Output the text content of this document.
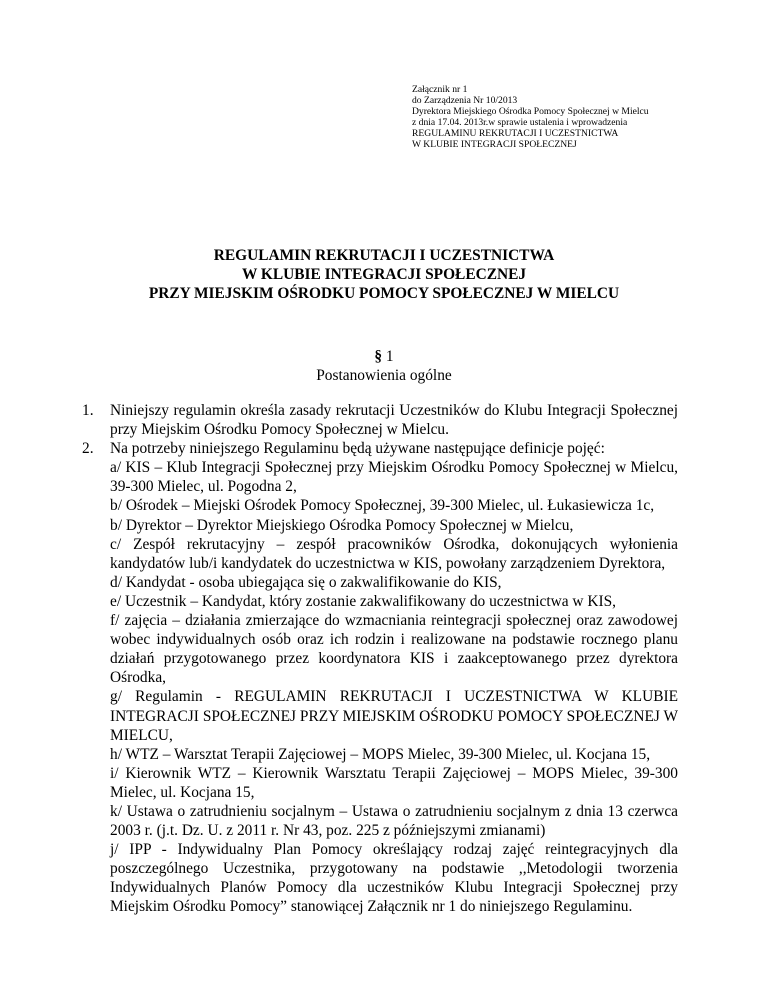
Załącznik nr 1
do Zarządzenia Nr 10/2013
Dyrektora Miejskiego Ośrodka Pomocy Społecznej w Mielcu
z dnia 17.04. 2013r.w sprawie ustalenia i wprowadzenia
REGULAMINU REKRUTACJI I UCZESTNICTWA
W KLUBIE INTEGRACJI SPOŁECZNEJ
REGULAMIN REKRUTACJI I UCZESTNICTWA
W KLUBIE INTEGRACJI SPOŁECZNEJ
PRZY MIEJSKIM OŚRODKU POMOCY SPOŁECZNEJ W MIELCU
§ 1
Postanowienia ogólne
1. Niniejszy regulamin określa zasady rekrutacji Uczestników do Klubu Integracji Społecznej przy Miejskim Ośrodku Pomocy Społecznej w Mielcu.
2. Na potrzeby niniejszego Regulaminu będą używane następujące definicje pojęć:
a/ KIS – Klub Integracji Społecznej przy Miejskim Ośrodku Pomocy Społecznej w Mielcu, 39-300 Mielec, ul. Pogodna 2,
b/ Ośrodek – Miejski Ośrodek Pomocy Społecznej, 39-300 Mielec, ul. Łukasiewicza 1c,
b/ Dyrektor – Dyrektor Miejskiego Ośrodka Pomocy Społecznej w Mielcu,
c/ Zespół rekrutacyjny – zespół pracowników Ośrodka, dokonujących wyłonienia kandydatów lub/i kandydatek do uczestnictwa w KIS, powołany zarządzeniem Dyrektora,
d/ Kandydat - osoba ubiegająca się o zakwalifikowanie do KIS,
e/ Uczestnik – Kandydat, który zostanie zakwalifikowany do uczestnictwa w KIS,
f/ zajęcia – działania zmierzające do wzmacniania reintegracji społecznej oraz zawodowej wobec indywidualnych osób oraz ich rodzin i realizowane na podstawie rocznego planu działań przygotowanego przez koordynatora KIS i zaakceptowanego przez dyrektora Ośrodka,
g/ Regulamin - REGULAMIN REKRUTACJI I UCZESTNICTWA W KLUBIE INTEGRACJI SPOŁECZNEJ PRZY MIEJSKIM OŚRODKU POMOCY SPOŁECZNEJ W MIELCU,
h/ WTZ – Warsztat Terapii Zajęciowej – MOPS Mielec, 39-300 Mielec, ul. Kocjana 15,
i/ Kierownik WTZ – Kierownik Warsztatu Terapii Zajęciowej – MOPS Mielec, 39-300 Mielec, ul. Kocjana 15,
k/ Ustawa o zatrudnieniu socjalnym – Ustawa o zatrudnieniu socjalnym z dnia 13 czerwca 2003 r. (j.t. Dz. U. z 2011 r. Nr 43, poz. 225 z późniejszymi zmianami)
j/ IPP - Indywidualny Plan Pomocy określający rodzaj zajęć reintegracyjnych dla poszczególnego Uczestnika, przygotowany na podstawie ,,Metodologii tworzenia Indywidualnych Planów Pomocy dla uczestników Klubu Integracji Społecznej przy Miejskim Ośrodku Pomocy” stanowiącej Załącznik nr 1 do niniejszego Regulaminu.
